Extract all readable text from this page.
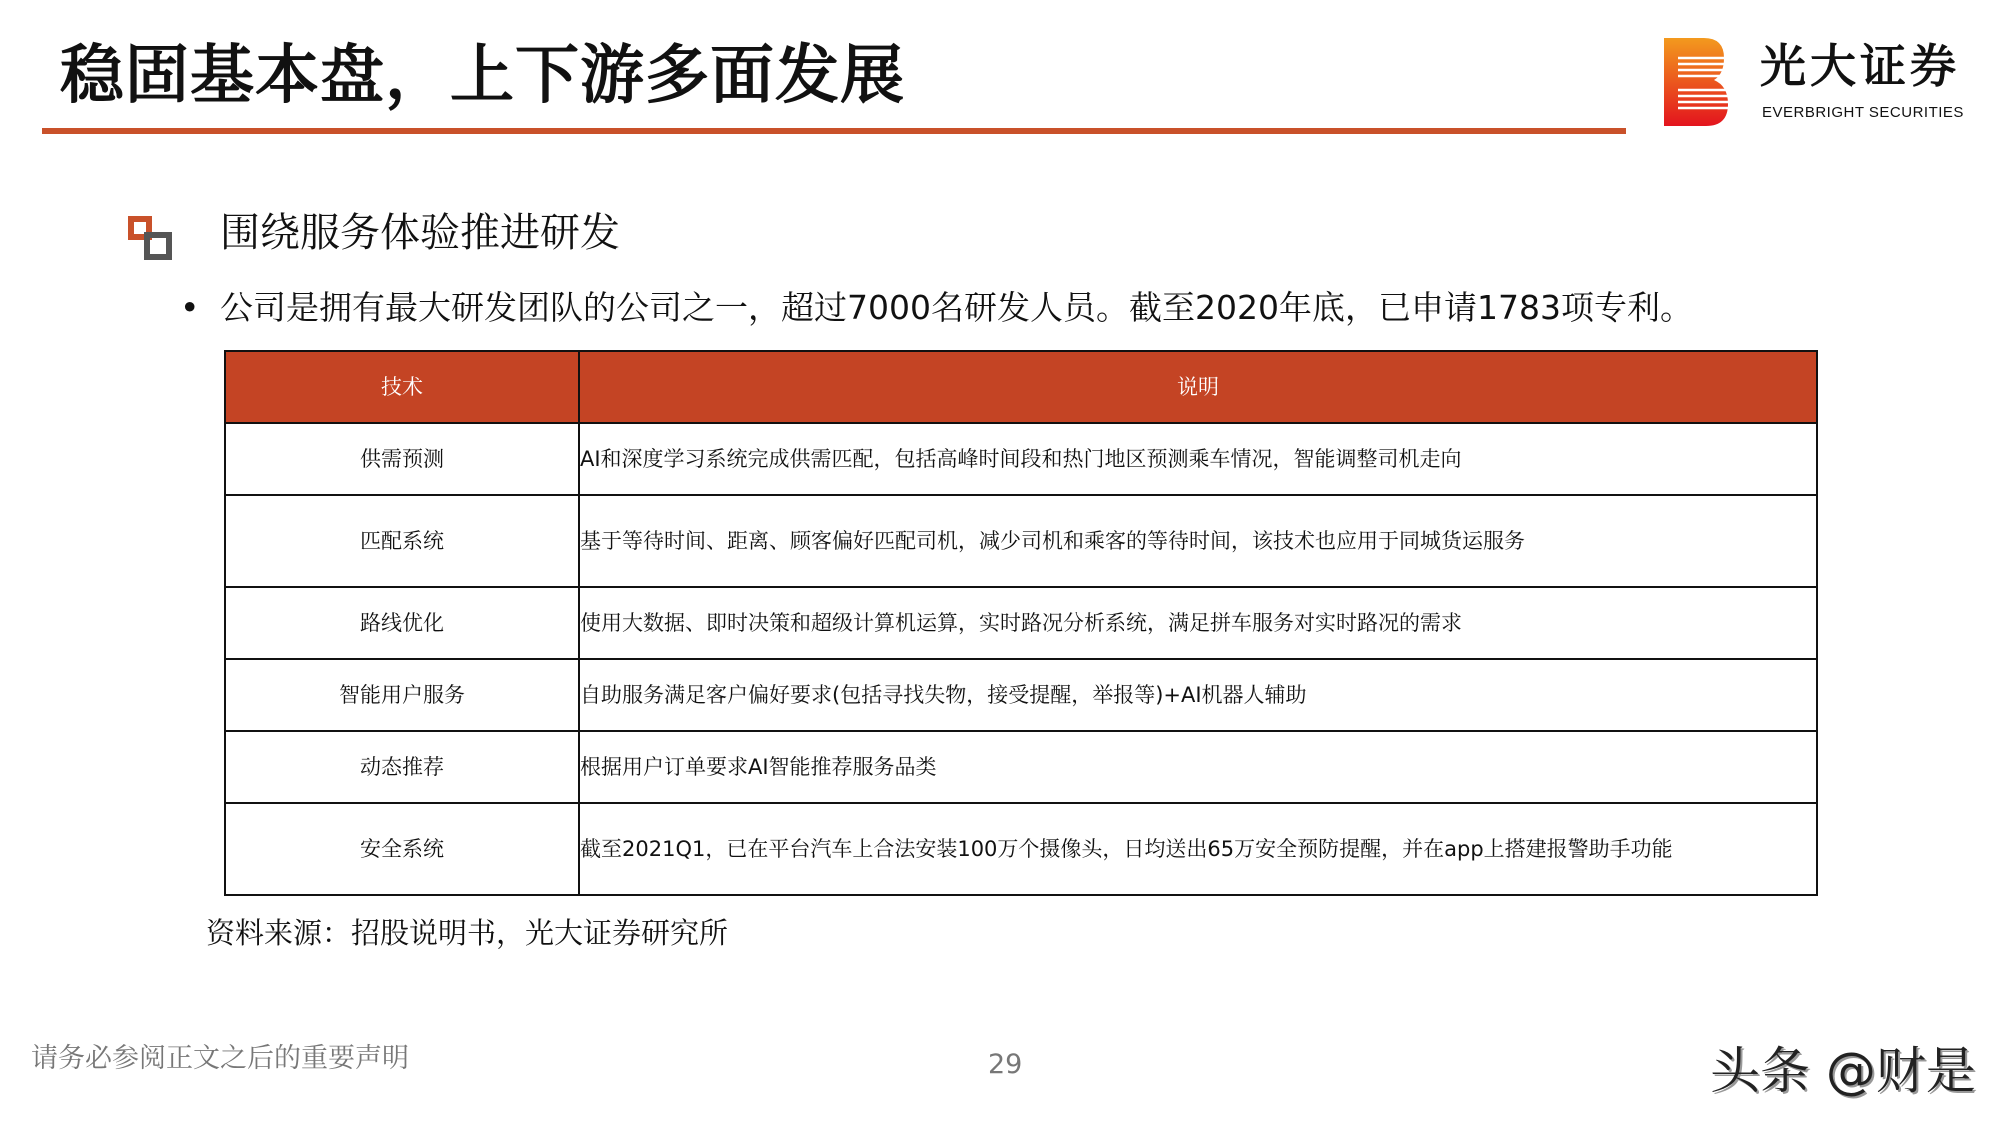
稳固基本盘，上下游多面发展	光大证券
EVERBRIGHT SECURITIES
围绕服务体验推进研发
• 公司是拥有最大研发团队的公司之一，超过7000名研发人员。截至2020年底，已申请1783项专利。
技术	说明
供需预测	AI和深度学习系统完成供需匹配，包括高峰时间段和热门地区预测乘车情况，智能调整司机走向
匹配系统	基于等待时间、距离、顾客偏好匹配司机，减少司机和乘客的等待时间，该技术也应用于同城货运服务
路线优化	使用大数据、即时决策和超级计算机运算，实时路况分析系统，满足拼车服务对实时路况的需求
智能用户服务	自助服务满足客户偏好要求(包括寻找失物，接受提醒，举报等)+AI机器人辅助
动态推荐	根据用户订单要求AI智能推荐服务品类
安全系统	截至2021Q1，已在平台汽车上合法安装100万个摄像头，日均送出65万安全预防提醒，并在app上搭建报警助手功能
资料来源：招股说明书，光大证券研究所
请务必参阅正文之后的重要声明	29	头条 @财是
